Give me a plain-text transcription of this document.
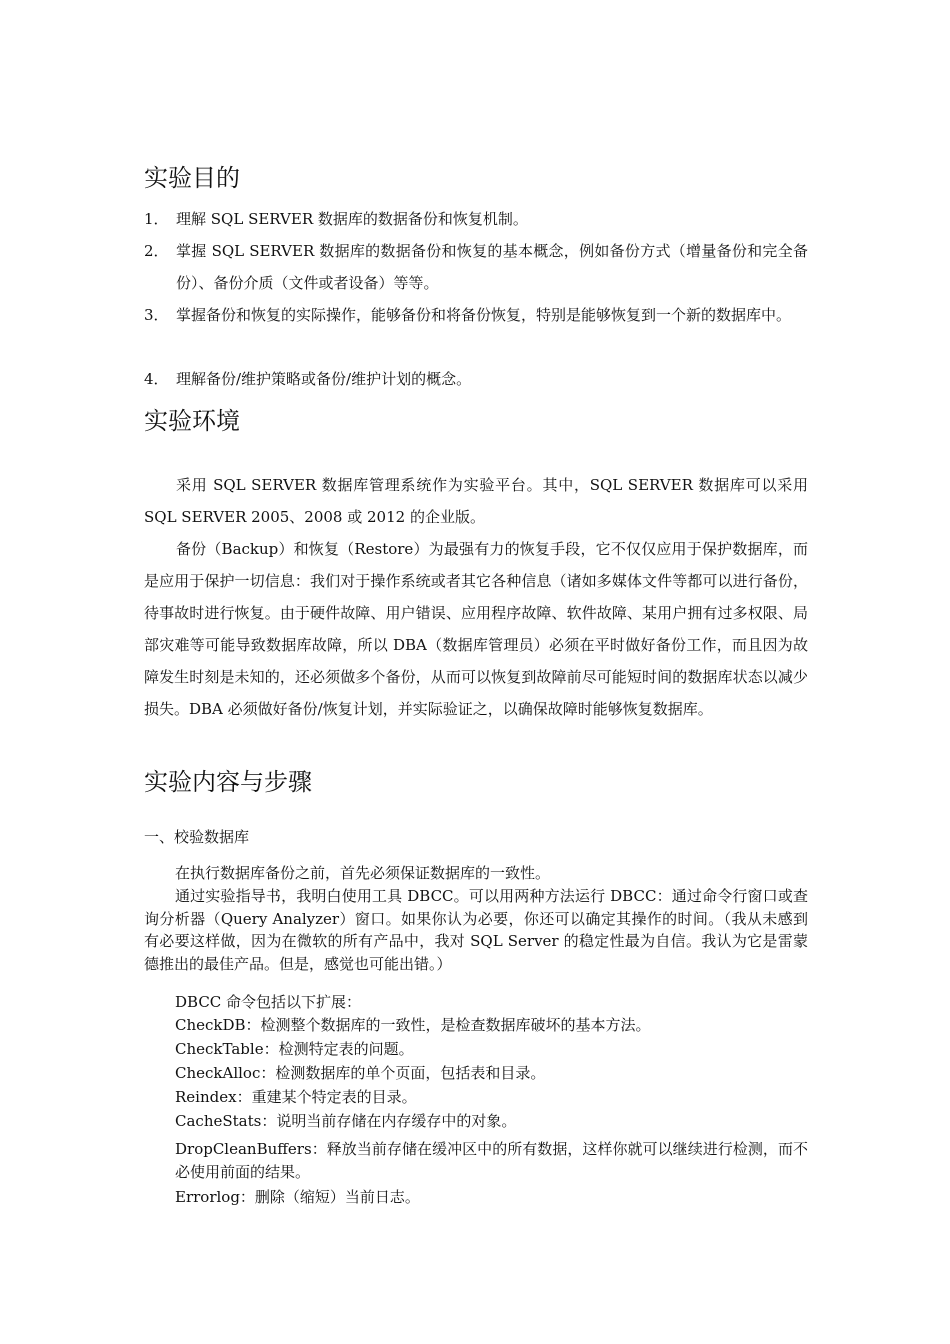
实验目的
1． 理解 SQL SERVER 数据库的数据备份和恢复机制。
2． 掌握 SQL SERVER 数据库的数据备份和恢复的基本概念，例如备份方式（增量备份和完全备份）、备份介质（文件或者设备）等等。
3． 掌握备份和恢复的实际操作，能够备份和将备份恢复，特别是能够恢复到一个新的数据库中。
4． 理解备份/维护策略或备份/维护计划的概念。
实验环境
采用 SQL SERVER 数据库管理系统作为实验平台。其中，SQL SERVER 数据库可以采用 SQL SERVER 2005、2008 或 2012 的企业版。
备份（Backup）和恢复（Restore）为最强有力的恢复手段，它不仅仅应用于保护数据库，而是应用于保护一切信息：我们对于操作系统或者其它各种信息（诸如多媒体文件等都可以进行备份，待事故时进行恢复。由于硬件故障、用户错误、应用程序故障、软件故障、某用户拥有过多权限、局部灾难等可能导致数据库故障，所以 DBA（数据库管理员）必须在平时做好备份工作，而且因为故障发生时刻是未知的，还必须做多个备份，从而可以恢复到故障前尽可能短时间的数据库状态以减少损失。DBA 必须做好备份/恢复计划，并实际验证之，以确保故障时能够恢复数据库。
实验内容与步骤
一、校验数据库
在执行数据库备份之前，首先必须保证数据库的一致性。
通过实验指导书，我明白使用工具 DBCC。可以用两种方法运行 DBCC：通过命令行窗口或查询分析器（Query Analyzer）窗口。如果你认为必要，你还可以确定其操作的时间。（我从未感到有必要这样做，因为在微软的所有产品中，我对 SQL Server 的稳定性最为自信。我认为它是雷蒙德推出的最佳产品。但是，感觉也可能出错。）
DBCC 命令包括以下扩展：
CheckDB：检测整个数据库的一致性，是检查数据库破坏的基本方法。
CheckTable：检测特定表的问题。
CheckAlloc：检测数据库的单个页面，包括表和目录。
Reindex：重建某个特定表的目录。
CacheStats：说明当前存储在内存缓存中的对象。
DropCleanBuffers：释放当前存储在缓冲区中的所有数据，这样你就可以继续进行检测，而不必使用前面的结果。
Errorlog：删除（缩短）当前日志。
